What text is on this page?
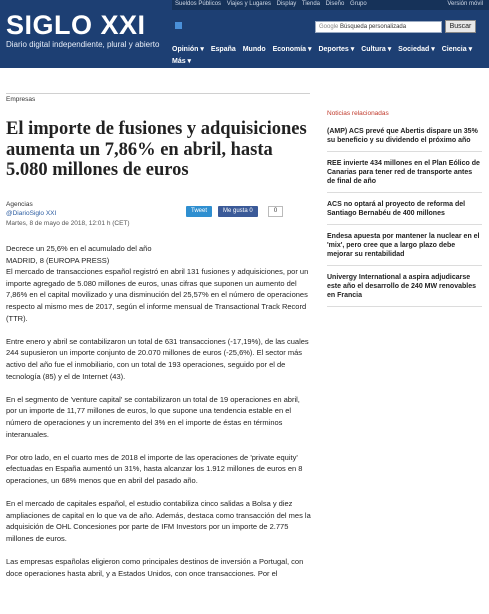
Sueldos Públicos Viajes y Lugares Display Tienda Diseño Grupo	Versión móvil
SIGLO XXI
Diario digital independiente, plural y abierto
Google Búsqueda personalizada	Buscar
Opinión ▾ España Mundo Economía ▾ Deportes ▾ Cultura ▾ Sociedad ▾ Ciencia ▾ Más ▾
Empresas
El importe de fusiones y adquisiciones aumenta un 7,86% en abril, hasta 5.080 millones de euros
Agencias
@DiarioSiglo XXI
Martes, 8 de mayo de 2018, 12:01 h (CET)
Tweet	Me gusta 0	0

Decrece un 25,6% en el acumulado del año

MADRID, 8 (EUROPA PRESS)

El mercado de transacciones español registró en abril 131 fusiones y adquisiciones, por un importe agregado de 5.080 millones de euros, unas cifras que suponen un aumento del 7,86% en el capital movilizado y una disminución del 25,57% en el número de operaciones respecto al mismo mes de 2017, según el informe mensual de Transactional Track Record (TTR).

Entre enero y abril se contabilizaron un total de 631 transacciones (-17,19%), de las cuales 244 supusieron un importe conjunto de 20.070 millones de euros (-25,6%). El sector más activo del año fue el inmobiliario, con un total de 193 operaciones, seguido por el de tecnología (85) y el de Internet (43).

En el segmento de 'venture capital' se contabilizaron un total de 19 operaciones en abril, por un importe de 11,77 millones de euros, lo que supone una tendencia estable en el número de operaciones y un incremento del 3% en el importe de éstas en términos interanuales.

Por otro lado, en el cuarto mes de 2018 el importe de las operaciones de 'private equity' efectuadas en España aumentó un 31%, hasta alcanzar los 1.912 millones de euros en 8 operaciones, un 68% menos que en abril del pasado año.

En el mercado de capitales español, el estudio contabiliza cinco salidas a Bolsa y diez ampliaciones de capital en lo que va de año. Además, destaca como transacción del mes la adquisición de OHL Concesiones por parte de IFM Investors por un importe de 2.775 millones de euros.

Las empresas españolas eligieron como principales destinos de inversión a Portugal, con doce operaciones hasta abril, y a Estados Unidos, con once transacciones. Por el

Noticias relacionadas
(AMP) ACS prevé que Abertis dispare un 35% su beneficio y su dividendo el próximo año
REE invierte 434 millones en el Plan Eólico de Canarias para tener red de transporte antes de final de año
ACS no optará al proyecto de reforma del Santiago Bernabéu de 400 millones
Endesa apuesta por mantener la nuclear en el 'mix', pero cree que a largo plazo debe mejorar su rentabilidad
Univergy International a aspira adjudicarse este año el desarrollo de 240 MW renovables en Francia
